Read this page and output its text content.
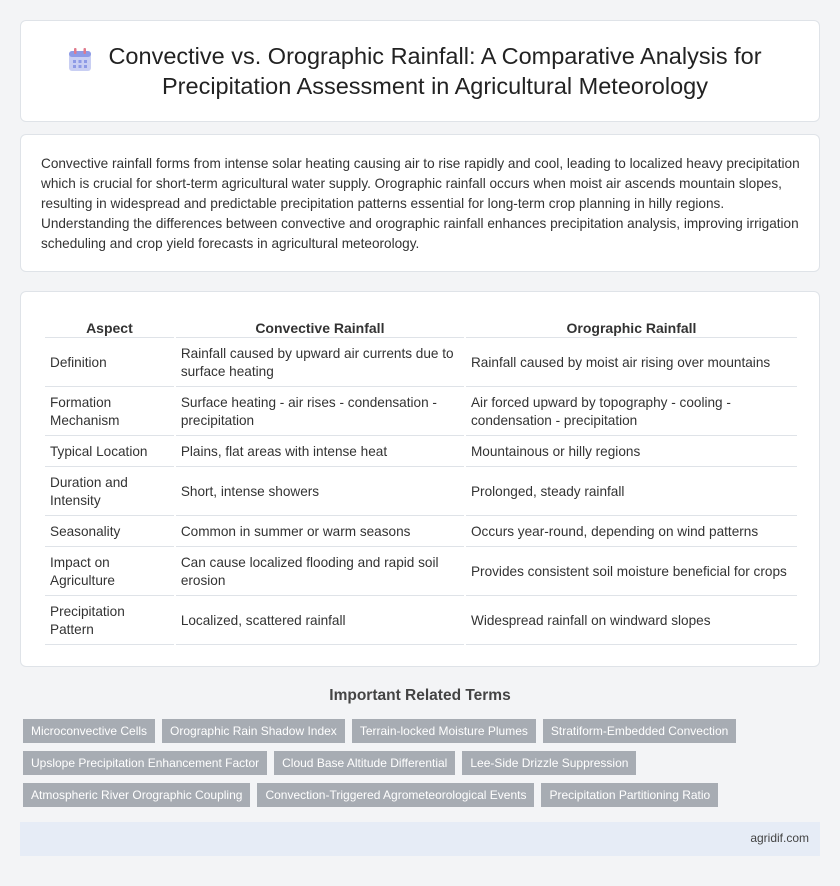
Convective vs. Orographic Rainfall: A Comparative Analysis for Precipitation Assessment in Agricultural Meteorology

Convective rainfall forms from intense solar heating causing air to rise rapidly and cool, leading to localized heavy precipitation which is crucial for short-term agricultural water supply. Orographic rainfall occurs when moist air ascends mountain slopes, resulting in widespread and predictable precipitation patterns essential for long-term crop planning in hilly regions. Understanding the differences between convective and orographic rainfall enhances precipitation analysis, improving irrigation scheduling and crop yield forecasts in agricultural meteorology.

Aspect	Convective Rainfall	Orographic Rainfall
Definition	Rainfall caused by upward air currents due to surface heating	Rainfall caused by moist air rising over mountains
Formation Mechanism	Surface heating - air rises - condensation - precipitation	Air forced upward by topography - cooling - condensation - precipitation
Typical Location	Plains, flat areas with intense heat	Mountainous or hilly regions
Duration and Intensity	Short, intense showers	Prolonged, steady rainfall
Seasonality	Common in summer or warm seasons	Occurs year-round, depending on wind patterns
Impact on Agriculture	Can cause localized flooding and rapid soil erosion	Provides consistent soil moisture beneficial for crops
Precipitation Pattern	Localized, scattered rainfall	Widespread rainfall on windward slopes
Important Related Terms
Microconvective Cells	Orographic Rain Shadow Index	Terrain-locked Moisture Plumes	Stratiform-Embedded Convection
Upslope Precipitation Enhancement Factor	Cloud Base Altitude Differential	Lee-Side Drizzle Suppression
Atmospheric River Orographic Coupling	Convection-Triggered Agrometeorological Events	Precipitation Partitioning Ratio
agridif.com
